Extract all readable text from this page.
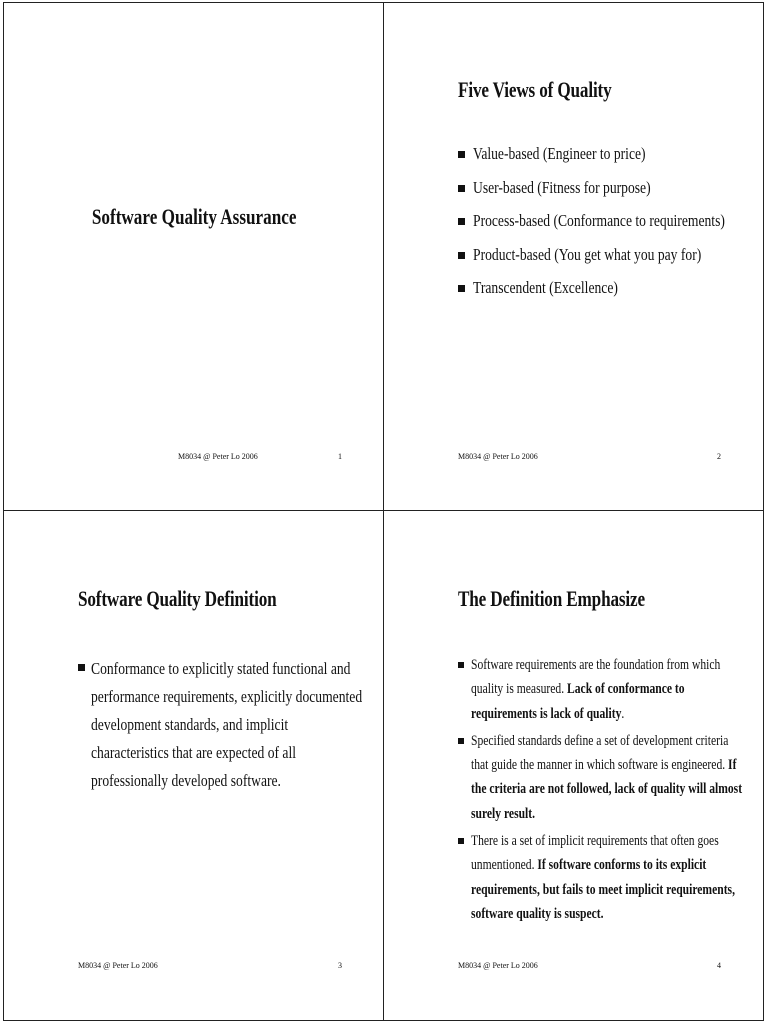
Software Quality Assurance
M8034 @ Peter Lo 2006	1
Five Views of Quality
Value-based (Engineer to price)
User-based (Fitness for purpose)
Process-based (Conformance to requirements)
Product-based (You get what you pay for)
Transcendent (Excellence)
M8034 @ Peter Lo 2006	2
Software Quality Definition
Conformance to explicitly stated functional and
performance requirements, explicitly documented
development standards, and implicit
characteristics that are expected of all
professionally developed software.
M8034 @ Peter Lo 2006	3
The Definition Emphasize
Software requirements are the foundation from which
quality is measured. Lack of conformance to
requirements is lack of quality.
Specified standards define a set of development criteria
that guide the manner in which software is engineered. If
the criteria are not followed, lack of quality will almost
surely result.
There is a set of implicit requirements that often goes
unmentioned. If software conforms to its explicit
requirements, but fails to meet implicit requirements,
software quality is suspect.
M8034 @ Peter Lo 2006	4
